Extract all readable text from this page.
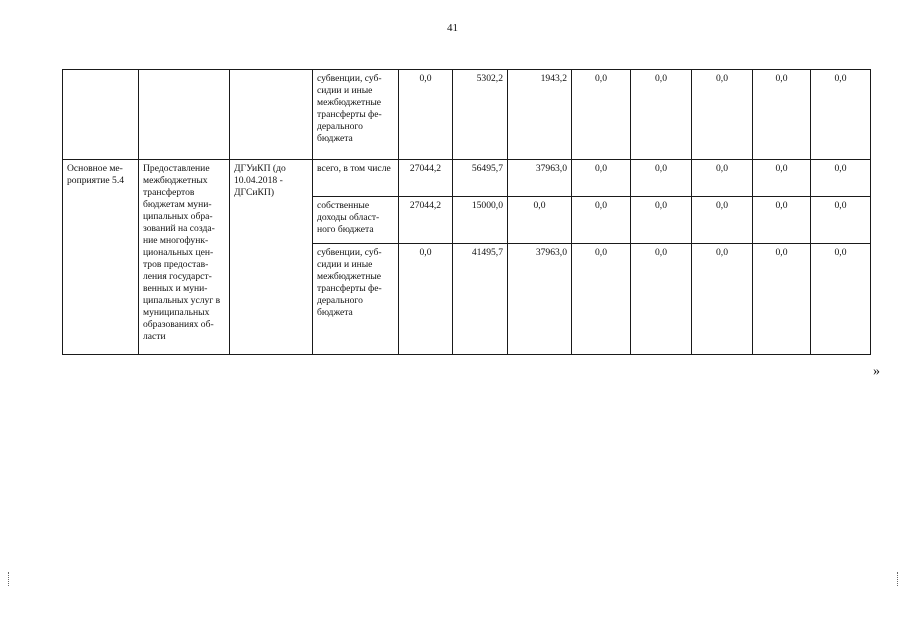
41
			субвенции, суб-сидии и иные межбюджетные трансферты фе-дерального бюджета	0,0	5302,2	1943,2	0,0	0,0	0,0	0,0	0,0
Основное ме-роприятие 5.4	Предоставление межбюджетных трансфертов бюджетам муни-ципальных обра-зований на созда-ние многофунк-циональных цен-тров предостав-ления государст-венных и муни-ципальных услуг в муниципальных образованиях об-ласти	ДГУиКП (до 10.04.2018 - ДГСиКП)	всего, в том числе	27044,2	56495,7	37963,0	0,0	0,0	0,0	0,0	0,0
			собственные доходы област-ного бюджета	27044,2	15000,0	0,0	0,0	0,0	0,0	0,0	0,0
			субвенции, суб-сидии и иные межбюджетные трансферты фе-дерального бюджета	0,0	41495,7	37963,0	0,0	0,0	0,0	0,0	0,0
»
